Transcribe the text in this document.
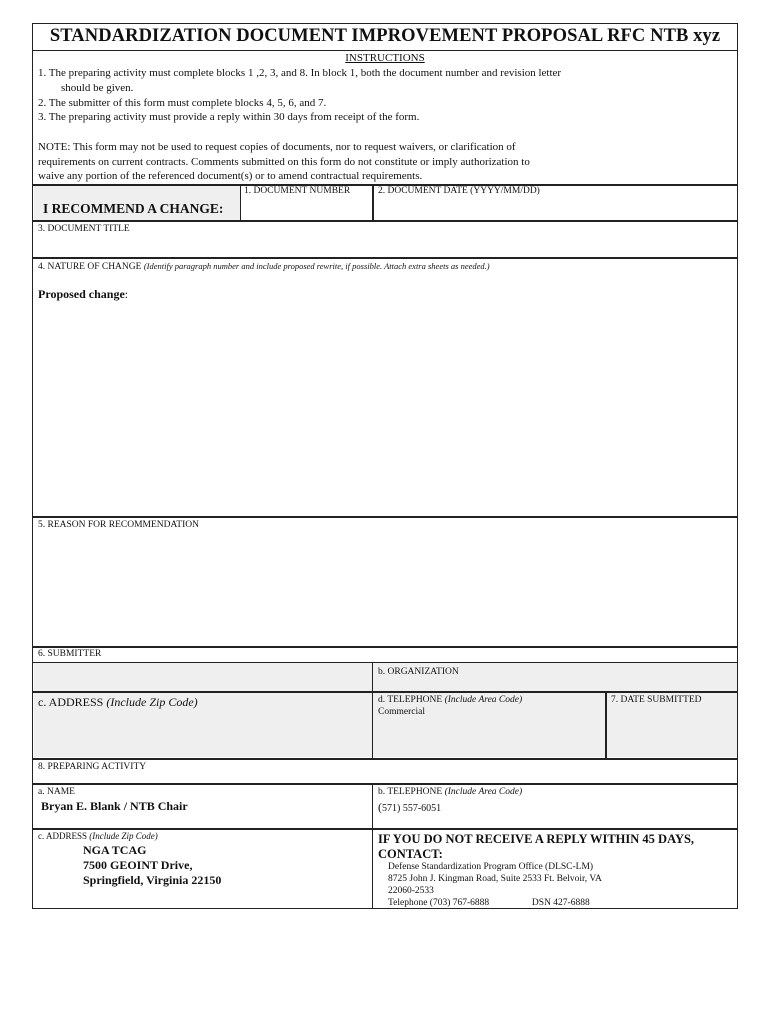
STANDARDIZATION DOCUMENT IMPROVEMENT PROPOSAL RFC NTB xyz
INSTRUCTIONS
1. The preparing activity must complete blocks 1 ,2, 3, and 8. In block 1, both the document number and revision letter
should be given.
2. The submitter of this form must complete blocks 4, 5, 6, and 7.
3. The preparing activity must provide a reply within 30 days from receipt of the form.
NOTE: This form may not be used to request copies of documents, nor to request waivers, or clarification of
requirements on current contracts. Comments submitted on this form do not constitute or imply authorization to
waive any portion of the referenced document(s) or to amend contractual requirements.
I RECOMMEND A CHANGE:
1. DOCUMENT NUMBER	2. DOCUMENT DATE (YYYY/MM/DD)
3. DOCUMENT TITLE
4. NATURE OF CHANGE (Identify paragraph number and include proposed rewrite, if possible. Attach extra sheets as needed.)
Proposed change:
5. REASON FOR RECOMMENDATION
6. SUBMITTER
b. ORGANIZATION
c. ADDRESS (Include Zip Code)	d. TELEPHONE (Include Area Code)
Commercial
7. DATE SUBMITTED
8. PREPARING ACTIVITY
a. NAME
Bryan E. Blank / NTB Chair
b. TELEPHONE (Include Area Code)
(571) 557-6051
c. ADDRESS (Include Zip Code)
NGA TCAG
7500 GEOINT Drive,
Springfield, Virginia 22150
IF YOU DO NOT RECEIVE A REPLY WITHIN 45 DAYS,
CONTACT:
Defense Standardization Program Office (DLSC-LM)
8725 John J. Kingman Road, Suite 2533 Ft. Belvoir, VA
22060-2533
Telephone (703) 767-6888	DSN 427-6888
